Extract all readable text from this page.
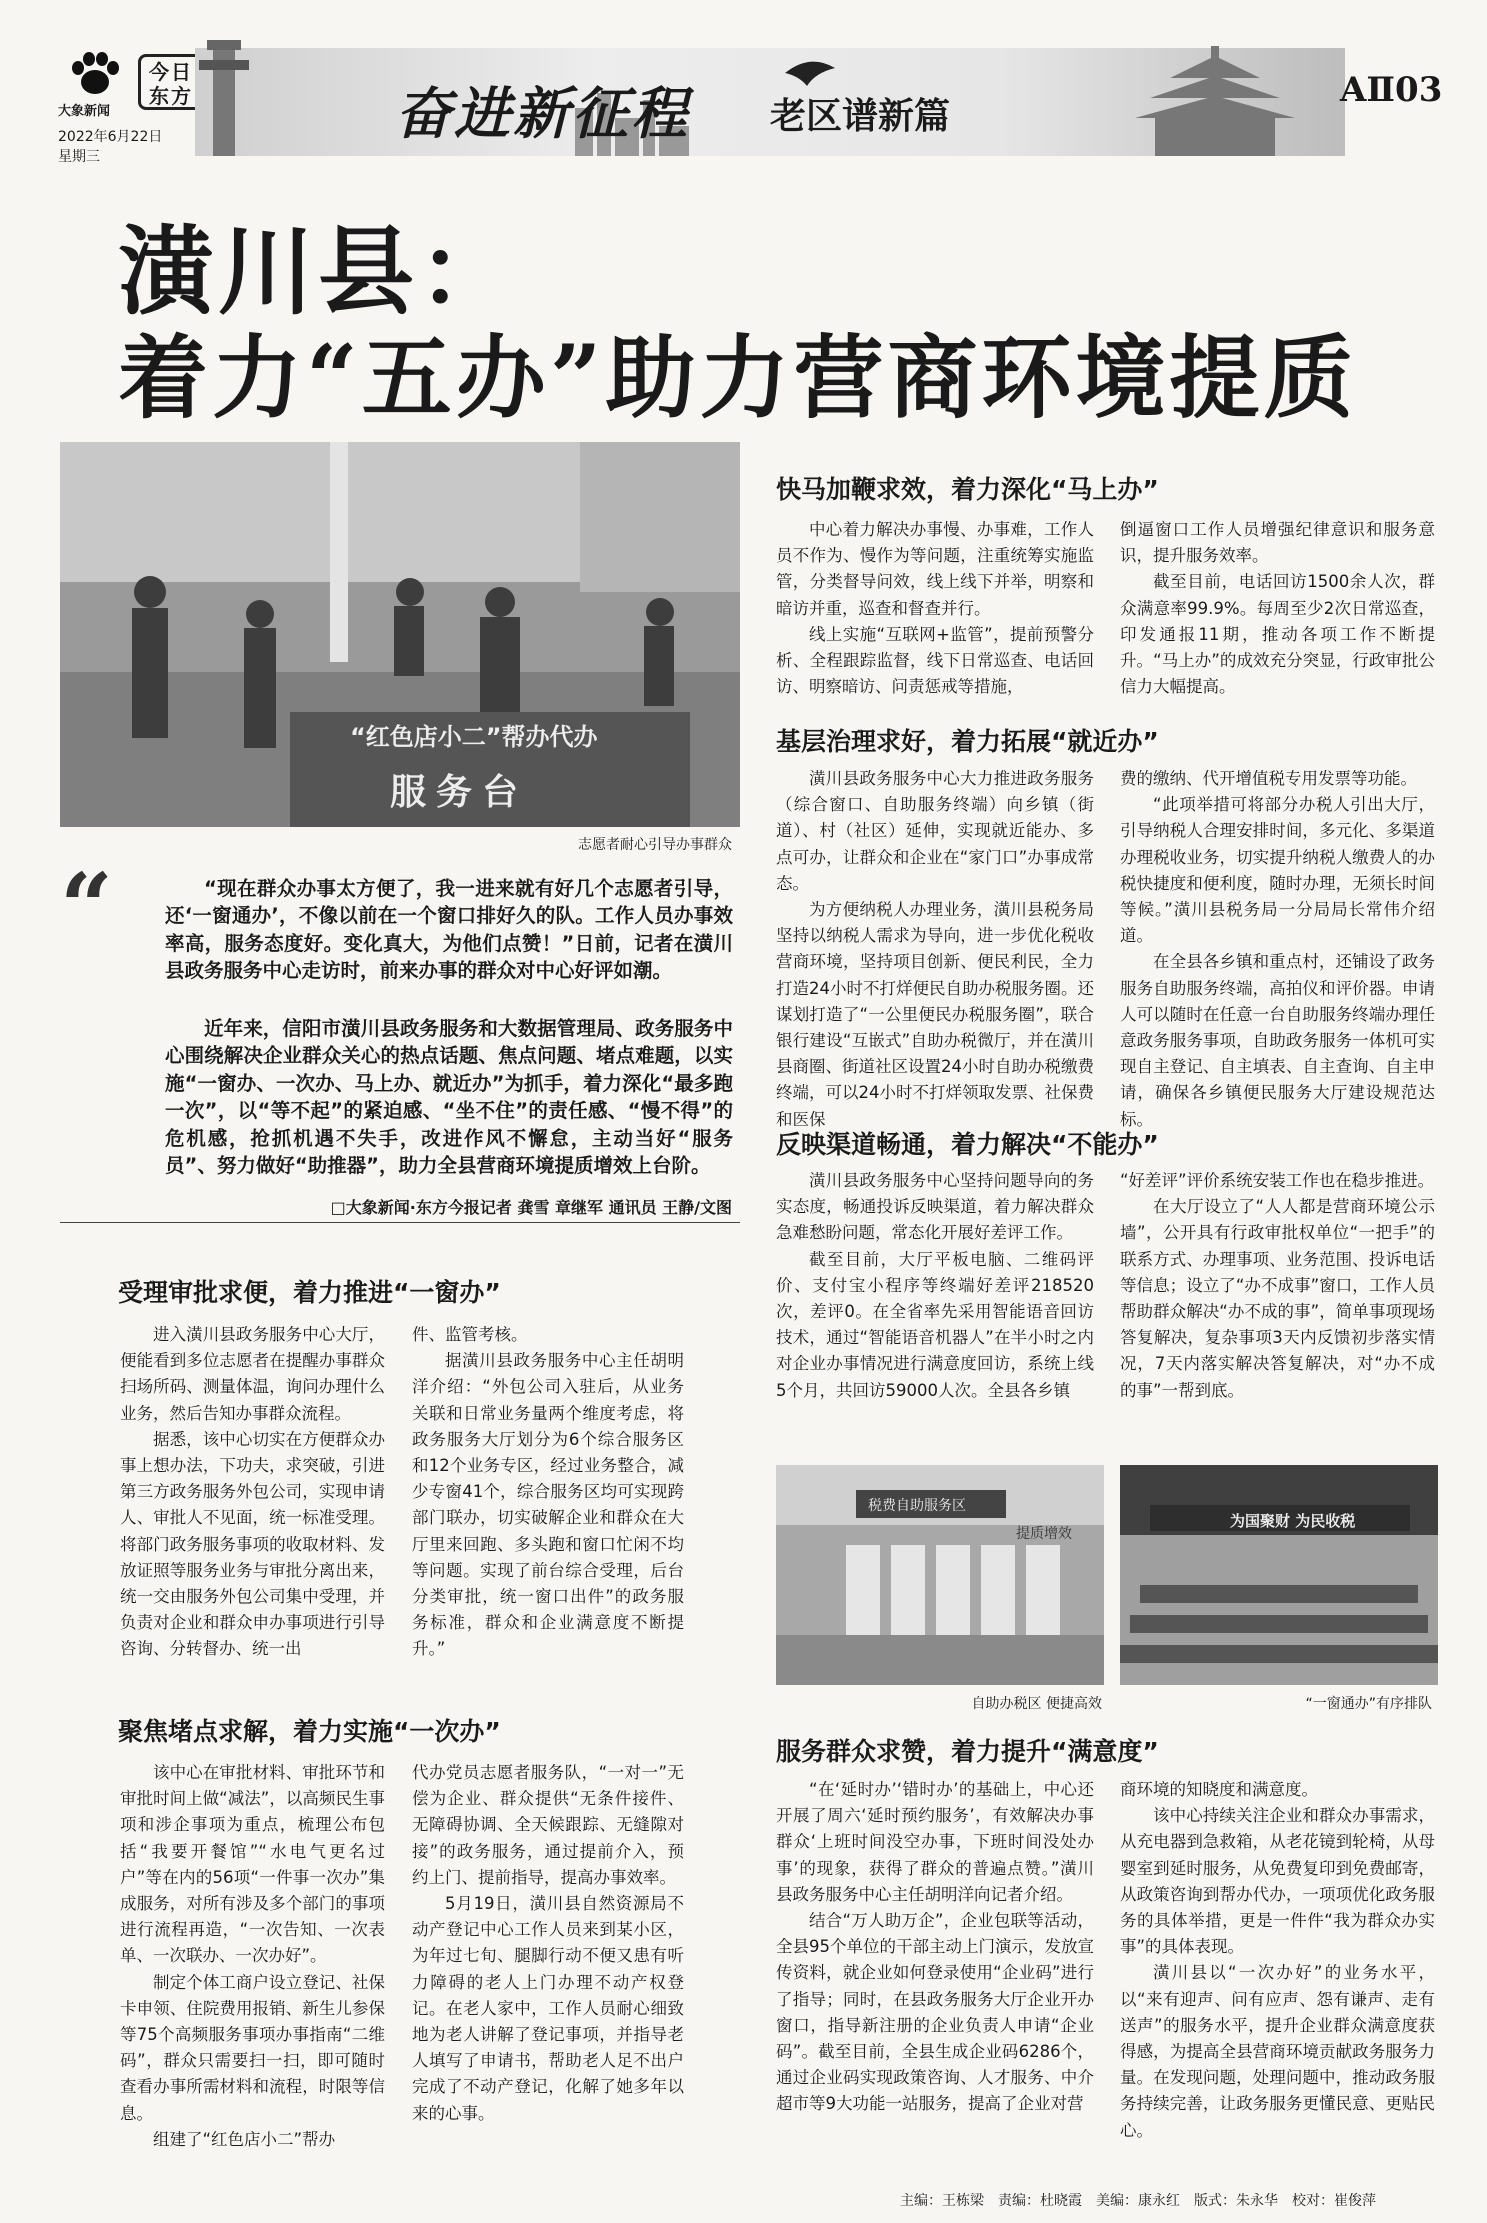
大象新闻
今日东方
2022年6月22日
星期三
奋进新征程 老区谱新篇
AⅡ03
潢川县：
着力“五办”助力营商环境提质
“红色店小二”帮办代办
服务台
志愿者耐心引导办事群众
“	“现在群众办事太方便了，我一进来就有好几个志愿者引导，还‘一窗通办’，不像以前在一个窗口排好久的队。工作人员办事效率高，服务态度好。变化真大，为他们点赞！”日前，记者在潢川县政务服务中心走访时，前来办事的群众对中心好评如潮。
近年来，信阳市潢川县政务服务和大数据管理局、政务服务中心围绕解决企业群众关心的热点话题、焦点问题、堵点难题，以实施“一窗办、一次办、马上办、就近办”为抓手，着力深化“最多跑一次”，以“等不起”的紧迫感、“坐不住”的责任感、“慢不得”的危机感，抢抓机遇不失手，改进作风不懈怠，主动当好“服务员”、努力做好“助推器”，助力全县营商环境提质增效上台阶。
□大象新闻·东方今报记者 龚雪 章继军 通讯员 王静/文图
受理审批求便，着力推进“一窗办”

进入潢川县政务服务中心大厅，便能看到多位志愿者在提醒办事群众扫场所码、测量体温，询问办理什么业务，然后告知办事群众流程。

据悉，该中心切实在方便群众办事上想办法，下功夫，求突破，引进第三方政务服务外包公司，实现申请人、审批人不见面，统一标准受理。将部门政务服务事项的收取材料、发放证照等服务业务与审批分离出来，统一交由服务外包公司集中受理，并负责对企业和群众申办事项进行引导咨询、分转督办、统一出

件、监管考核。

据潢川县政务服务中心主任胡明洋介绍：“外包公司入驻后，从业务关联和日常业务量两个维度考虑，将政务服务大厅划分为6个综合服务区和12个业务专区，经过业务整合，减少专窗41个，综合服务区均可实现跨部门联办，切实破解企业和群众在大厅里来回跑、多头跑和窗口忙闲不均等问题。实现了前台综合受理，后台分类审批，统一窗口出件”的政务服务标准，群众和企业满意度不断提升。”

聚焦堵点求解，着力实施“一次办”

该中心在审批材料、审批环节和审批时间上做“减法”，以高频民生事项和涉企事项为重点，梳理公布包括“我要开餐馆”“水电气更名过户”等在内的56项“一件事一次办”集成服务，对所有涉及多个部门的事项进行流程再造，“一次告知、一次表单、一次联办、一次办好”。

制定个体工商户设立登记、社保卡申领、住院费用报销、新生儿参保等75个高频服务事项办事指南“二维码”，群众只需要扫一扫，即可随时查看办事所需材料和流程，时限等信息。

组建了“红色店小二”帮办

代办党员志愿者服务队，“一对一”无偿为企业、群众提供“无条件接件、无障碍协调、全天候跟踪、无缝隙对接”的政务服务，通过提前介入，预约上门、提前指导，提高办事效率。

5月19日，潢川县自然资源局不动产登记中心工作人员来到某小区，为年过七旬、腿脚行动不便又患有听力障碍的老人上门办理不动产权登记。在老人家中，工作人员耐心细致地为老人讲解了登记事项，并指导老人填写了申请书，帮助老人足不出户完成了不动产登记，化解了她多年以来的心事。

快马加鞭求效，着力深化“马上办”

中心着力解决办事慢、办事难，工作人员不作为、慢作为等问题，注重统筹实施监管，分类督导问效，线上线下并举，明察和暗访并重，巡查和督查并行。

线上实施“互联网+监管”，提前预警分析、全程跟踪监督，线下日常巡查、电话回访、明察暗访、问责惩戒等措施，

倒逼窗口工作人员增强纪律意识和服务意识，提升服务效率。

截至目前，电话回访1500余人次，群众满意率99.9%。每周至少2次日常巡查，印发通报11期，推动各项工作不断提升。“马上办”的成效充分突显，行政审批公信力大幅提高。

基层治理求好，着力拓展“就近办”

潢川县政务服务中心大力推进政务服务（综合窗口、自助服务终端）向乡镇（街道）、村（社区）延伸，实现就近能办、多点可办，让群众和企业在“家门口”办事成常态。

为方便纳税人办理业务，潢川县税务局坚持以纳税人需求为导向，进一步优化税收营商环境，坚持项目创新、便民利民，全力打造24小时不打烊便民自助办税服务圈。还谋划打造了“一公里便民办税服务圈”，联合银行建设“互嵌式”自助办税微厅，并在潢川县商圈、街道社区设置24小时自助办税缴费终端，可以24小时不打烊领取发票、社保费和医保

费的缴纳、代开增值税专用发票等功能。

“此项举措可将部分办税人引出大厅，引导纳税人合理安排时间，多元化、多渠道办理税收业务，切实提升纳税人缴费人的办税快捷度和便利度，随时办理，无须长时间等候。”潢川县税务局一分局局长常伟介绍道。

在全县各乡镇和重点村，还铺设了政务服务自助服务终端，高拍仪和评价器。申请人可以随时在任意一台自助服务终端办理任意政务服务事项，自助政务服务一体机可实现自主登记、自主填表、自主查询、自主申请，确保各乡镇便民服务大厅建设规范达标。

反映渠道畅通，着力解决“不能办”

潢川县政务服务中心坚持问题导向的务实态度，畅通投诉反映渠道，着力解决群众急难愁盼问题，常态化开展好差评工作。

截至目前，大厅平板电脑、二维码评价、支付宝小程序等终端好差评218520次，差评0。在全省率先采用智能语音回访技术，通过“智能语音机器人”在半小时之内对企业办事情况进行满意度回访，系统上线5个月，共回访59000人次。全县各乡镇

“好差评”评价系统安装工作也在稳步推进。

在大厅设立了“人人都是营商环境公示墙”，公开具有行政审批权单位“一把手”的联系方式、办理事项、业务范围、投诉电话等信息；设立了“办不成事”窗口，工作人员帮助群众解决“办不成的事”，简单事项现场答复解决，复杂事项3天内反馈初步落实情况，7天内落实解决答复解决，对“办不成的事”一帮到底。

税费自助服务区
提质增效
自助办税区 便捷高效
为国聚财 为民收税
“一窗通办”有序排队
服务群众求赞，着力提升“满意度”

“在‘延时办’‘错时办’的基础上，中心还开展了周六‘延时预约服务’，有效解决办事群众‘上班时间没空办事，下班时间没处办事’的现象，获得了群众的普遍点赞。”潢川县政务服务中心主任胡明洋向记者介绍。

结合“万人助万企”，企业包联等活动，全县95个单位的干部主动上门演示，发放宣传资料，就企业如何登录使用“企业码”进行了指导；同时，在县政务服务大厅企业开办窗口，指导新注册的企业负责人申请“企业码”。截至目前，全县生成企业码6286个，通过企业码实现政策咨询、人才服务、中介超市等9大功能一站服务，提高了企业对营

商环境的知晓度和满意度。

该中心持续关注企业和群众办事需求，从充电器到急救箱，从老花镜到轮椅，从母婴室到延时服务，从免费复印到免费邮寄，从政策咨询到帮办代办，一项项优化政务服务的具体举措，更是一件件“我为群众办实事”的具体表现。

潢川县以“一次办好”的业务水平，以“来有迎声、问有应声、怨有谦声、走有送声”的服务水平，提升企业群众满意度获得感，为提高全县营商环境贡献政务服务力量。在发现问题，处理问题中，推动政务服务持续完善，让政务服务更懂民意、更贴民心。

主编：王栋梁　责编：杜晓霞　美编：康永红　版式：朱永华　校对：崔俊萍
